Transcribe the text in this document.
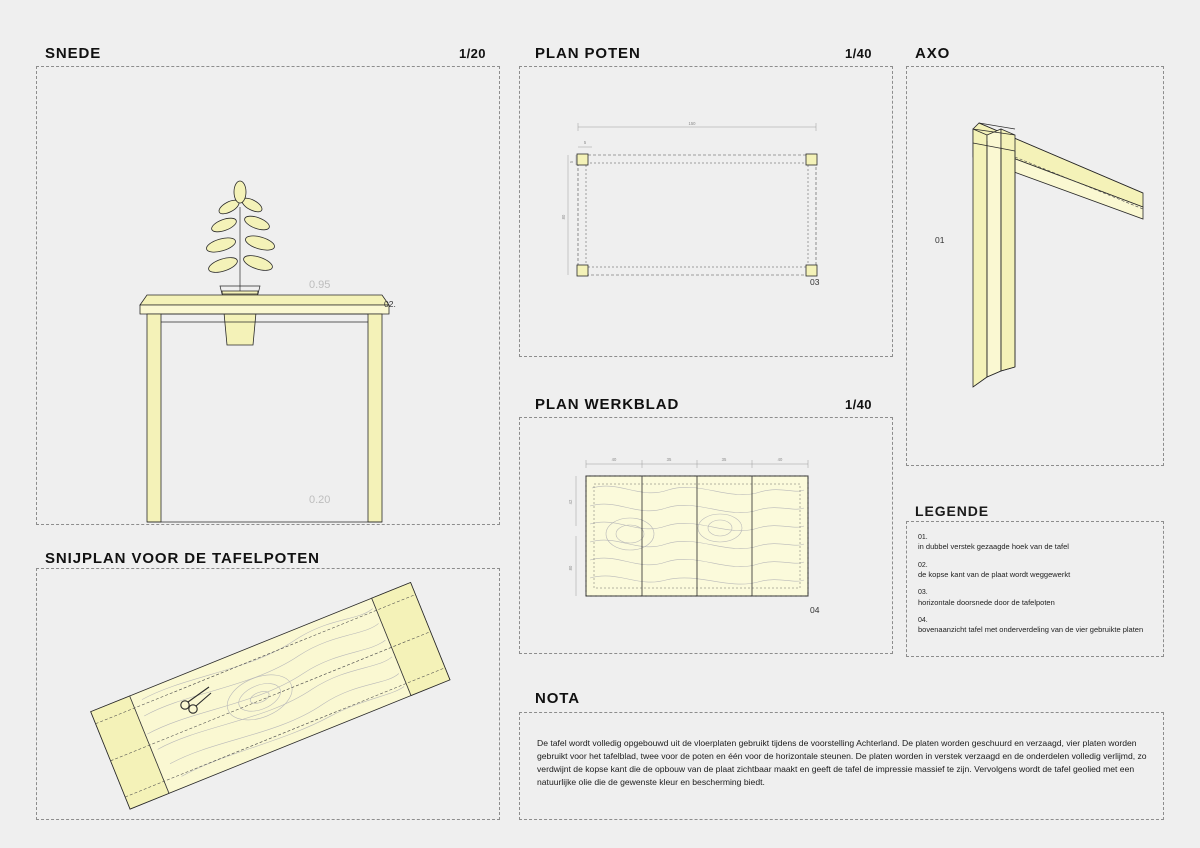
SNEDE	1/20
0.95
0.20
02.
SNIJPLAN VOOR DE TAFELPOTEN
PLAN POTEN	1/40
150
5
80
5
03
PLAN WERKBLAD	1/40
40	35	35	40
42
80
04
AXO
01
LEGENDE
01.
in dubbel verstek gezaagde hoek van de tafel
02.
de kopse kant van de plaat wordt weggewerkt
03.
horizontale doorsnede door de tafelpoten
04.
bovenaanzicht tafel met onderverdeling van de vier gebruikte platen
NOTA
De tafel wordt volledig opgebouwd uit de vloerplaten gebruikt tijdens de voorstelling Achterland. De platen worden geschuurd en verzaagd, vier platen worden gebruikt voor het tafelblad, twee voor de poten en één voor de horizontale steunen. De platen worden in verstek verzaagd en de onderdelen volledig verlijmd, zo verdwijnt de kopse kant die de opbouw van de plaat zichtbaar maakt en geeft de tafel de impressie massief te zijn. Vervolgens wordt de tafel geolied met een natuurlijke olie die de gewenste kleur en bescherming biedt.
